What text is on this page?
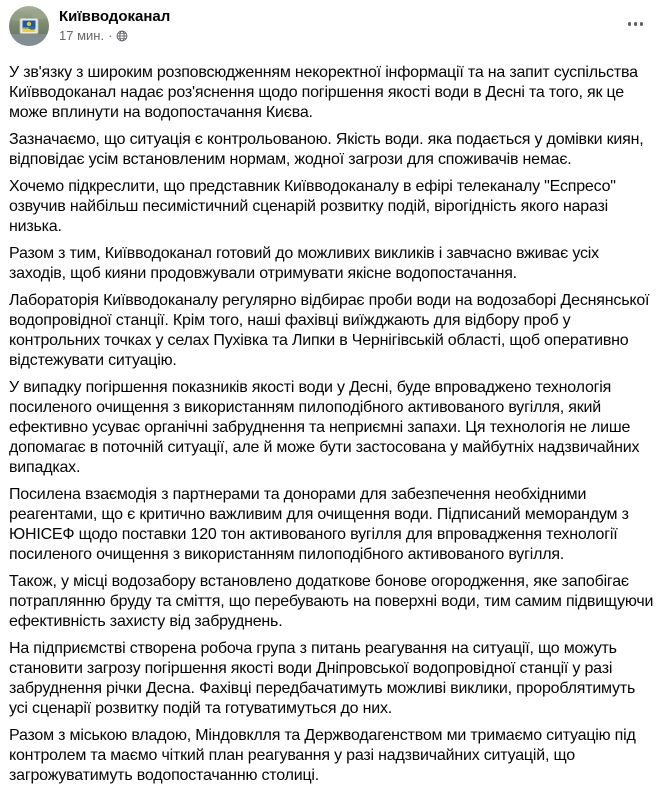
Київводоканал
17 мин. ·

У зв'язку з широким розповсюдженням некоректної інформації та на запит суспільства Київводоканал надає роз'яснення щодо погіршення якості води в Десні та того, як це може вплинути на водопостачання Києва.

Зазначаємо, що ситуація є контрольованою. Якість води. яка подається у домівки киян, відповідає усім встановленим нормам, жодної загрози для споживачів немає.

Хочемо підкреслити, що представник Київводоканалу в ефірі телеканалу "Еспресо" озвучив найбільш песимістичний сценарій розвитку подій, вірогідність якого наразі низька.

Разом з тим, Київводоканал готовий до можливих викликів і завчасно вживає усіх заходів, щоб кияни продовжували отримувати якісне водопостачання.

Лабораторія Київводоканалу регулярно відбирає проби води на водозаборі Деснянської водопровідної станції. Крім того, наші фахівці виїжджають для відбору проб у контрольних точках у селах Пухівка та Липки в Чернігівській області, щоб оперативно відстежувати ситуацію.

У випадку погіршення показників якості води у Десні, буде впроваджено технологія посиленого очищення з використанням пилоподібного активованого вугілля, який ефективно усуває органічні забруднення та неприємні запахи. Ця технологія не лише допомагає в поточній ситуації, але й може бути застосована у майбутніх надзвичайних випадках.

Посилена взаємодія з партнерами та донорами для забезпечення необхідними реагентами, що є критично важливим для очищення води. Підписаний меморандум з ЮНІСЕФ щодо поставки 120 тон активованого вугілля для впровадження технології посиленого очищення з використанням пилоподібного активованого вугілля.

Також, у місці водозабору встановлено додаткове бонове огородження, яке запобігає потраплянню бруду та сміття, що перебувають на поверхні води, тим самим підвищуючи ефективність захисту від забруднень.

На підприємстві створена робоча група з питань реагування на ситуації, що можуть становити загрозу погіршення якості води Дніпровської водопровідної станції у разі забруднення річки Десна. Фахівці передбачатимуть можливі виклики, пророблятимуть усі сценарії розвитку подій та готуватимуться до них.

Разом з міською владою, Міндовклля та Держводагенством ми тримаємо ситуацію під контролем та маємо чіткий план реагування у разі надзвичайних ситуацій, що загрожуватимуть водопостачанню столиці.
